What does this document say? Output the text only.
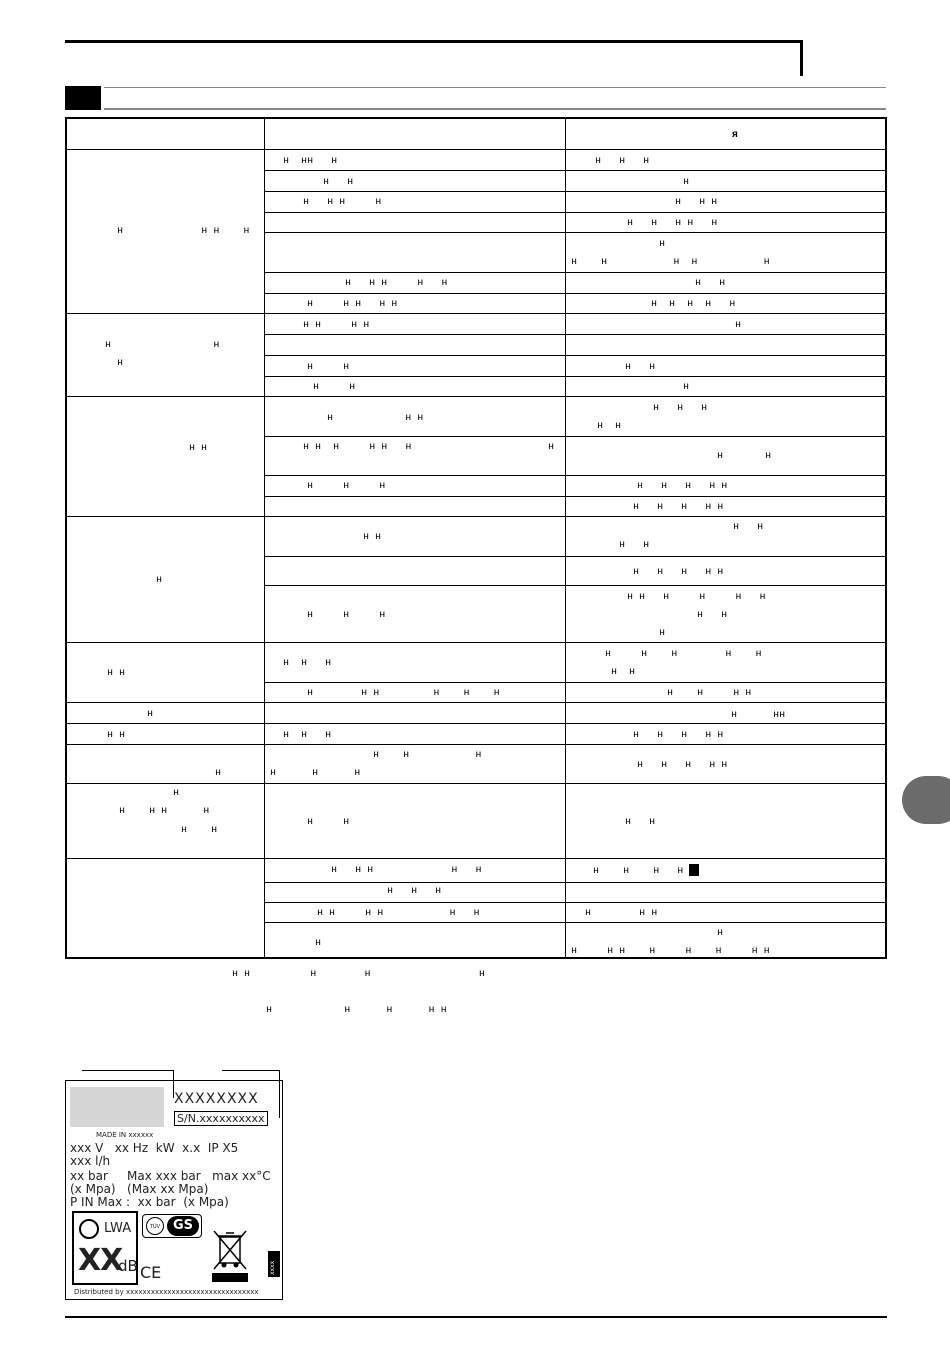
я
н             н н    н
н                 н
н
н н
н
н н
н
н н
н
н
н    н н      н
н    н
н  нн   н
н   н
н   н н     н
н   н н     н   н
н     н н   н н
н н     н н
н     н
н     н
н            н н
н н  н     н н   н	н
н     н     н
н н
н     н     н
н  н   н
н        н н         н    н    н
н  н   н
н    н           н
н      н      н
н     н
н   н н             н   н
н   н   н
н н     н н           н   н
н
н   н   н
н
н   н н
н   н   н н   н
н
н    н           н  н           н
н   н
н  н  н  н   н
н
н   н
н
н   н   н
н  н
н       н
н   н   н   н н
н   н   н   н н
н   н
н   н
н   н   н   н н
н н   н     н     н   н
н   н
н
н     н    н        н    н
н  н
н    н     н н
н      нн
н   н   н   н н
н   н   н   н н
н   н
н    н    н   н
н        н н
н
н     н н    н     н    н     н н
н н          н        н                  н
н            н      н      н н
XXXXXXXX
S/N.xxxxxxxxxx
MADE IN xxxxxx
xxx V   xx Hz  kW  x.x  IP X5
xxx l/h
xx bar     Max xxx bar   max xx°C
(x Mpa)   (Max xx Mpa)
P IN Max :  xx bar  (x Mpa)
LWA
XX
dB
TÜV GS
CE	xxxx
Distributed by xxxxxxxxxxxxxxxxxxxxxxxxxxxxxxxx
